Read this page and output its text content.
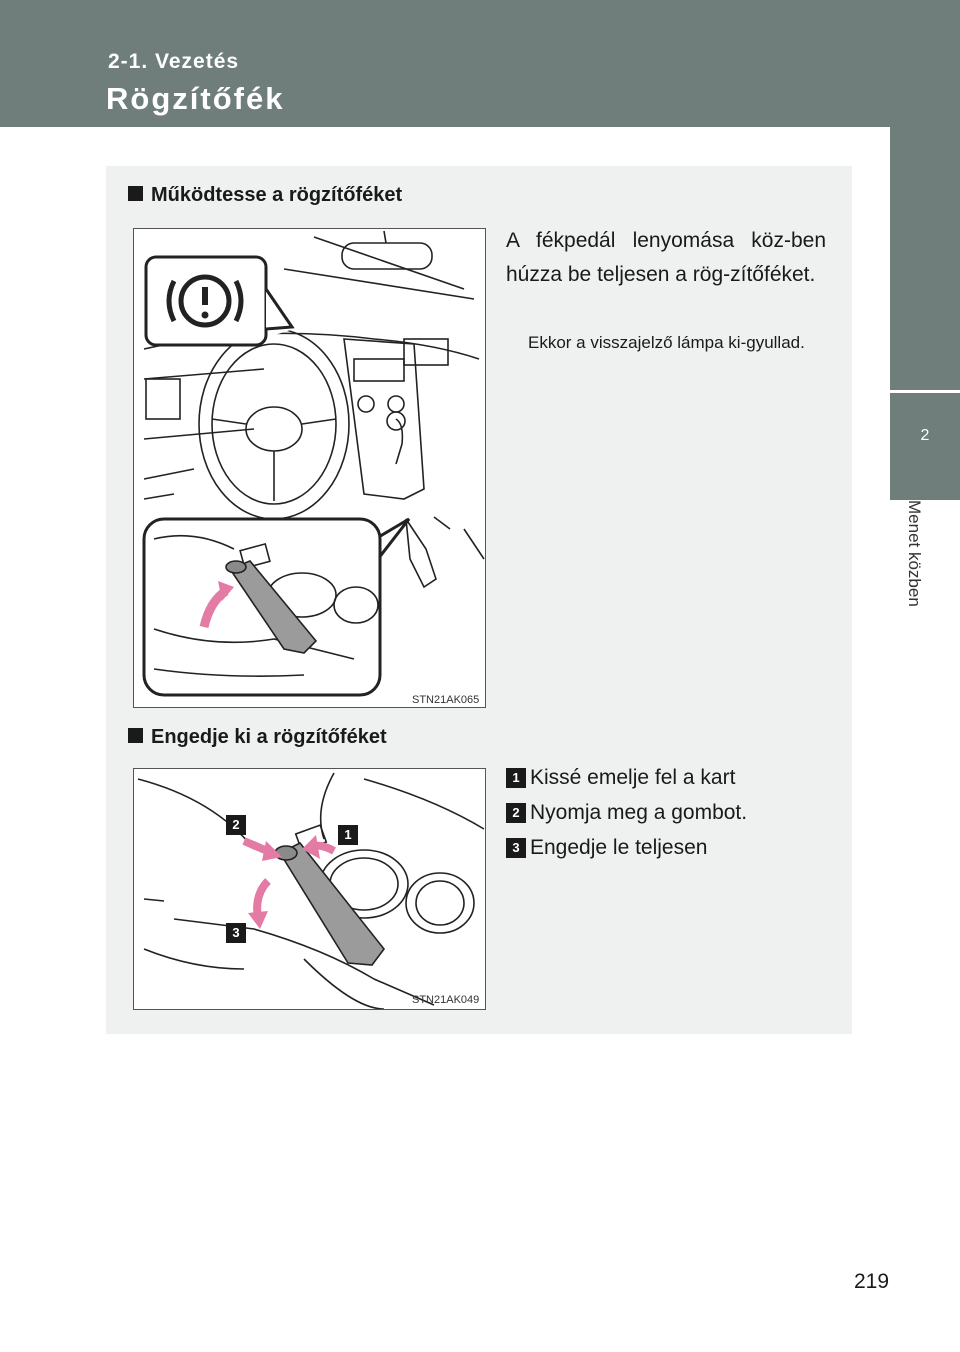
2-1. Vezetés
Rögzítőfék
2
Menet közben
Működtesse a rögzítőféket
STN21AK065
A fékpedál lenyomása köz-ben húzza be teljesen a rög-zítőféket.
Ekkor a visszajelző lámpa ki-gyullad.
Engedje ki a rögzítőféket
2
1
3
STN21AK049
1 Kissé emelje fel a kart
2 Nyomja meg a gombot.
3 Engedje le teljesen
219
